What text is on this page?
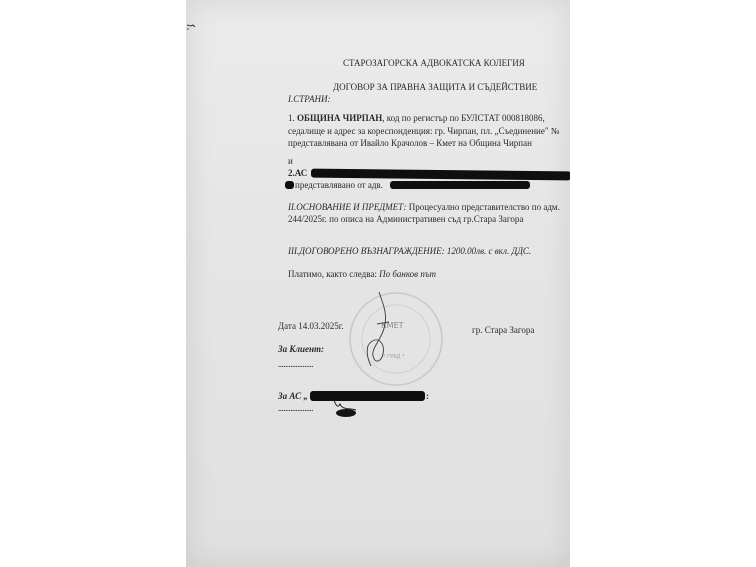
СТАРОЗАГОРСКА АДВОКАТСКА КОЛЕГИЯ
ДОГОВОР ЗА ПРАВНА ЗАЩИТА И СЪДЕЙСТВИЕ
I.СТРАНИ:
1. ОБЩИНА ЧИРПАН, код по регистър по БУЛСТАТ 000818086,
седалище и адрес за кореспонденция: гр. Чирпан, пл. „Съединение" №
представлявана от Ивайло Крачолов – Кмет на Община Чирпан
и
2.АС
представлявано от адв.
II.ОСНОВАНИЕ И ПРЕДМЕТ: Процесуално представителство по адм.
244/2025г. по описа на Административен съд гр.Стара Загора
III.ДОГОВОРЕНО ВЪЗНАГРАЖДЕНИЕ: 1200.00лв. с вкл. ДДС.
Платимо, както следва: По банков път
КМЕТ
* ГРАД *
Дата 14.03.2025г.	гр. Стара Загора
За Клиент:
....................
За АС „	:
....................
